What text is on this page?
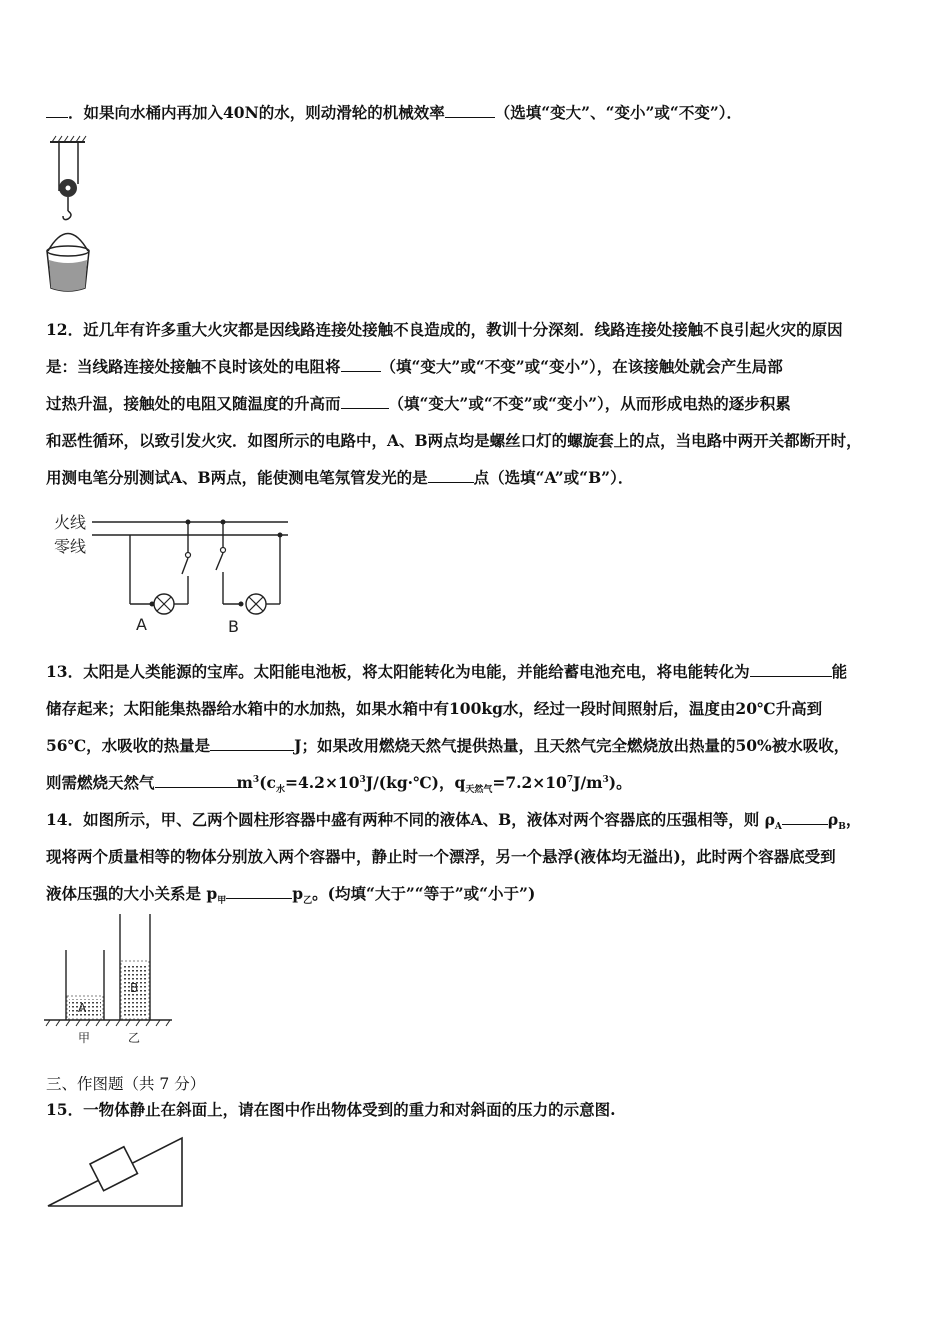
．如果向水桶内再加入40N的水，则动滑轮的机械效率	（选填“变大”、“变小”或“不变”）．
12．近几年有许多重大火灾都是因线路连接处接触不良造成的，教训十分深刻．线路连接处接触不良引起火灾的原因
是：当线路连接处接触不良时该处的电阻将	（填“变大”或“不变”或“变小”），在该接触处就会产生局部
过热升温，接触处的电阻又随温度的升高而	（填“变大”或“不变”或“变小”），从而形成电热的逐步积累
和恶性循环，以致引发火灾．如图所示的电路中，A、B两点均是螺丝口灯的螺旋套上的点，当电路中两开关都断开时，
用测电笔分别测试A、B两点，能使测电笔氖管发光的是	点（选填“A”或“B”）．
火线
零线
A	B
13．太阳是人类能源的宝库。太阳能电池板，将太阳能转化为电能，并能给蓄电池充电，将电能转化为	能
储存起来；太阳能集热器给水箱中的水加热，如果水箱中有100kg水，经过一段时间照射后，温度由20℃升高到
56℃，水吸收的热量是	J；如果改用燃烧天然气提供热量，且天然气完全燃烧放出热量的50%被水吸收，
则需燃烧天然气	$m^3(c_水=4.2\times 10^3J/(kg\cdot℃)$，$q_{天然气}=7.2\times 10^7J/m^3$)。
14．如图所示，甲、乙两个圆柱形容器中盛有两种不同的液体A、B，液体对两个容器底的压强相等，则 $\rho_A$	$\rho_B$，
现将两个质量相等的物体分别放入两个容器中，静止时一个漂浮，另一个悬浮(液体均无溢出)，此时两个容器底受到
液体压强的大小关系是 $p_甲$	$p_乙$。(均填“大于”“等于”或“小于”)
A
B
甲	乙
三、作图题（共 7 分）
15．一物体静止在斜面上，请在图中作出物体受到的重力和对斜面的压力的示意图.
